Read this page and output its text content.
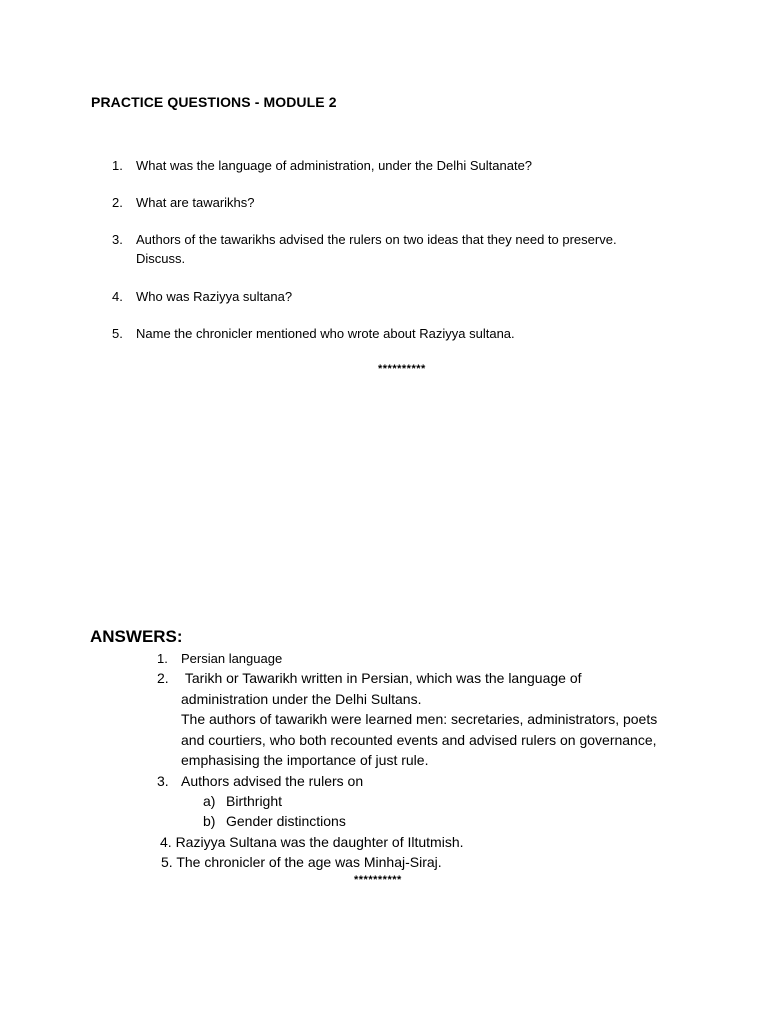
PRACTICE QUESTIONS - MODULE 2
1. What was the language of administration, under the Delhi Sultanate?
2. What are tawarikhs?
3. Authors of the tawarikhs advised the rulers on two ideas that they need to preserve. Discuss.
4. Who was Raziyya sultana?
5. Name the chronicler mentioned who wrote about Raziyya sultana.
**********
ANSWERS:
1. Persian language
2. Tarikh or Tawarikh written in Persian, which was the language of administration under the Delhi Sultans.
The authors of tawarikh were learned men: secretaries, administrators, poets and courtiers, who both recounted events and advised rulers on governance, emphasising the importance of just rule.
3. Authors advised the rulers on
a) Birthright
b) Gender distinctions
4. Raziyya Sultana was the daughter of Iltutmish.
5. The chronicler of the age was Minhaj-Siraj.
**********
